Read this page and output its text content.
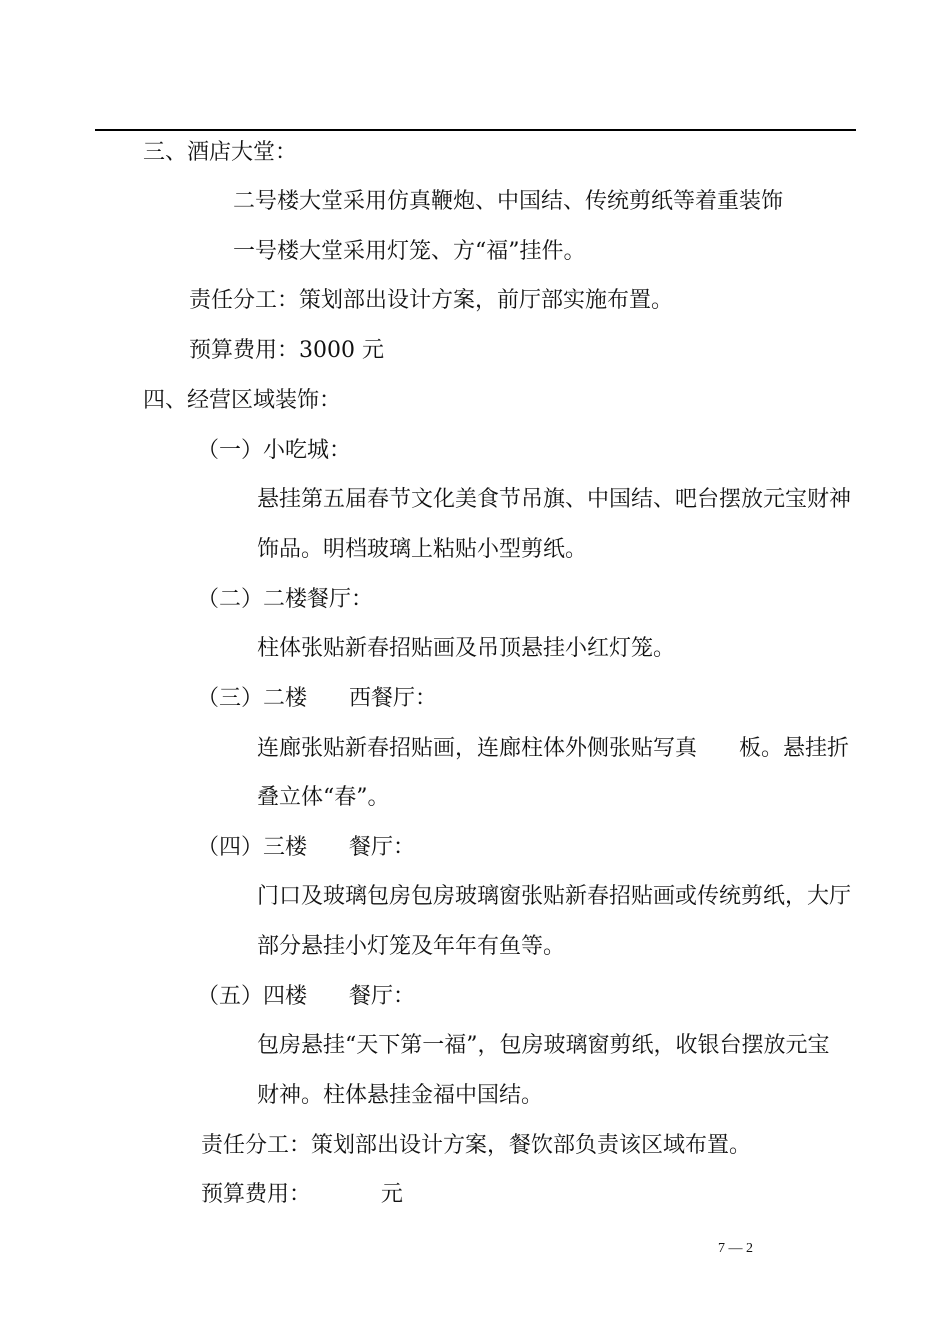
三、酒店大堂：
二号楼大堂采用仿真鞭炮、中国结、传统剪纸等着重装饰
一号楼大堂采用灯笼、方“福”挂件。
责任分工：策划部出设计方案，前厅部实施布置。
预算费用：3000 元
四、经营区域装饰：
（一）小吃城：
悬挂第五届春节文化美食节吊旗、中国结、吧台摆放元宝财神
饰品。明档玻璃上粘贴小型剪纸。
（二）二楼餐厅：
柱体张贴新春招贴画及吊顶悬挂小红灯笼。
（三）二楼      西餐厅：
连廊张贴新春招贴画，连廊柱体外侧张贴写真      板。悬挂折
叠立体“春”。
（四）三楼      餐厅：
门口及玻璃包房包房玻璃窗张贴新春招贴画或传统剪纸，大厅
部分悬挂小灯笼及年年有鱼等。
（五）四楼      餐厅：
包房悬挂“天下第一福”，包房玻璃窗剪纸，收银台摆放元宝
财神。柱体悬挂金福中国结。
责任分工：策划部出设计方案，餐饮部负责该区域布置。
预算费用：          元
7 — 2
